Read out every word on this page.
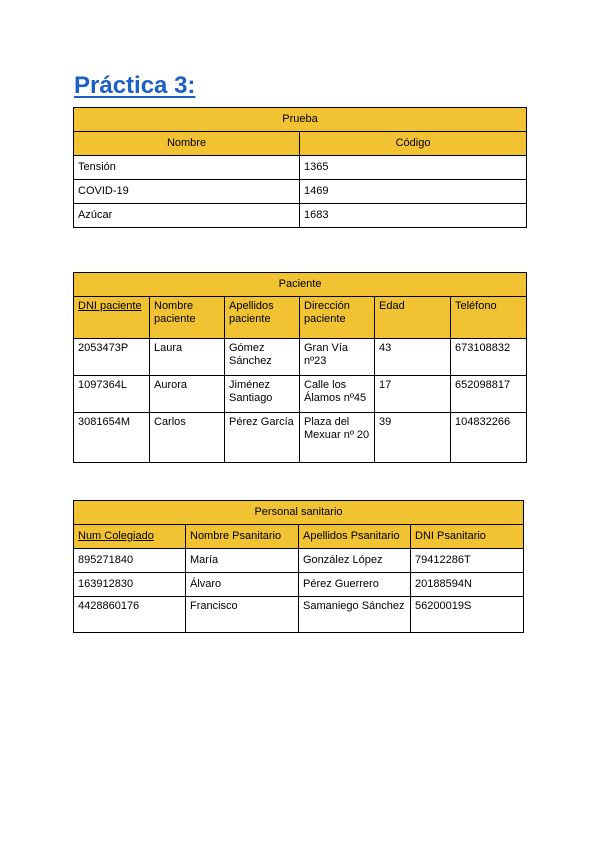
Práctica 3:
Prueba	
Nombre	Código
Tensión	1365
COVID-19	1469
Azúcar	1683
Paciente					
DNI paciente	Nombre paciente	Apellidos paciente	Dirección paciente	Edad	Teléfono
2053473P	Laura	Gómez Sánchez	Gran Vía nº23	43	673108832
1097364L	Aurora	Jiménez Santiago	Calle los Álamos nº45	17	652098817
3081654M	Carlos	Pérez García	Plaza del Mexuar nº 20	39	104832266
Personal sanitario			
Num Colegiado	Nombre Psanitario	Apellidos Psanitario	DNI Psanitario
895271840	María	González López	79412286T
163912830	Álvaro	Pérez Guerrero	20188594N
4428860176	Francisco	Samaniego Sánchez	56200019S
